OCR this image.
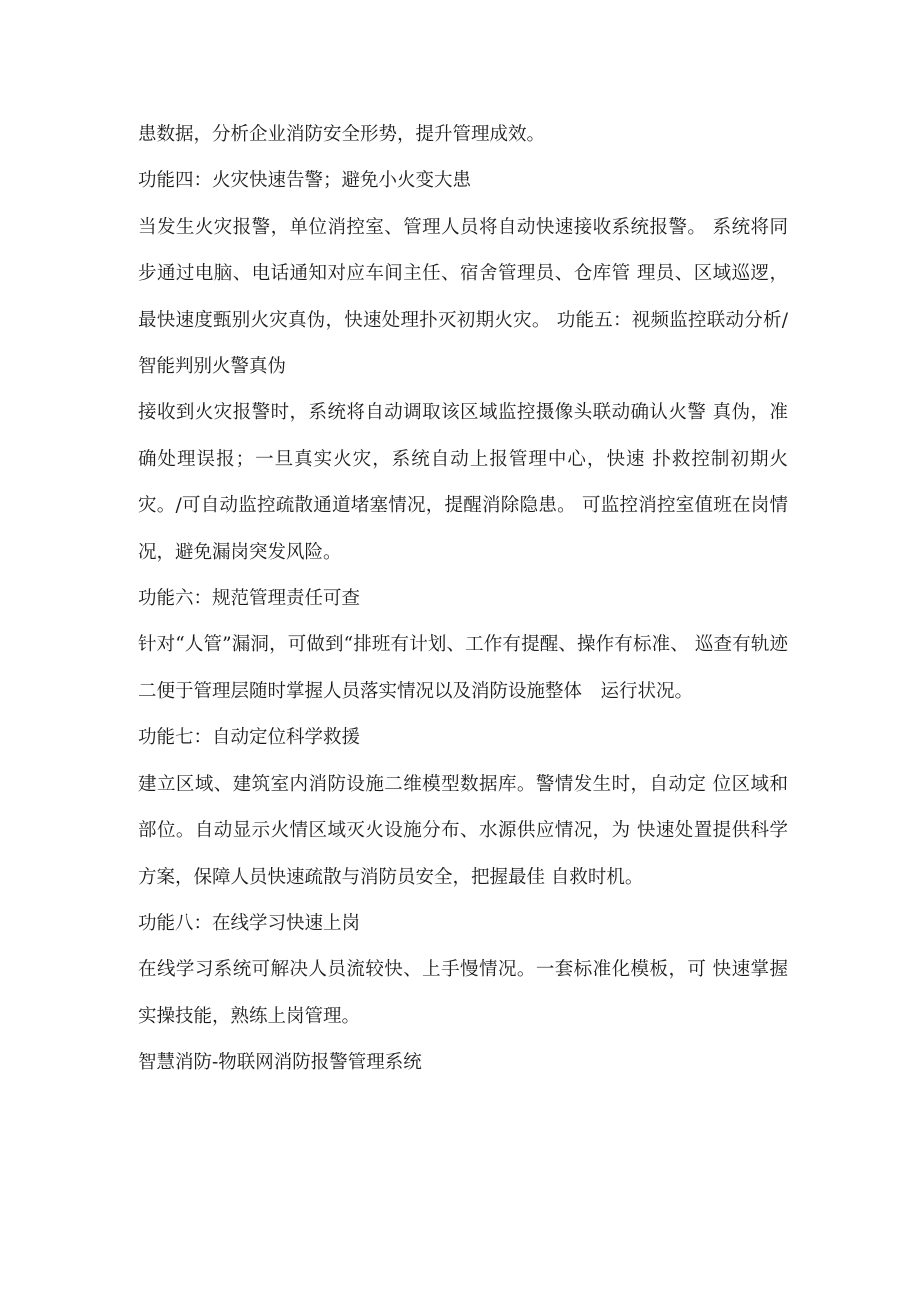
患数据，分析企业消防安全形势，提升管理成效。

功能四：火灾快速告警；避免小火变大患

当发生火灾报警，单位消控室、管理人员将自动快速接收系统报警。 系统将同步通过电脑、电话通知对应车间主任、宿舍管理员、仓库管 理员、区域巡逻，最快速度甄别火灾真伪，快速处理扑灭初期火灾。 功能五：视频监控联动分析/智能判别火警真伪

接收到火灾报警时，系统将自动调取该区域监控摄像头联动确认火警 真伪，准确处理误报；一旦真实火灾，系统自动上报管理中心，快速 扑救控制初期火灾。/可自动监控疏散通道堵塞情况，提醒消除隐患。 可监控消控室值班在岗情况，避免漏岗突发风险。

功能六：规范管理责任可查

针对“人管”漏洞，可做到“排班有计划、工作有提醒、操作有标准、 巡查有轨迹二便于管理层随时掌握人员落实情况以及消防设施整体　运行状况。

功能七：自动定位科学救援

建立区域、建筑室内消防设施二维模型数据库。警情发生时，自动定 位区域和部位。自动显示火情区域灭火设施分布、水源供应情况，为 快速处置提供科学方案，保障人员快速疏散与消防员安全，把握最佳 自救时机。

功能八：在线学习快速上岗

在线学习系统可解决人员流较快、上手慢情况。一套标准化模板，可 快速掌握实操技能，熟练上岗管理。

智慧消防-物联网消防报警管理系统
